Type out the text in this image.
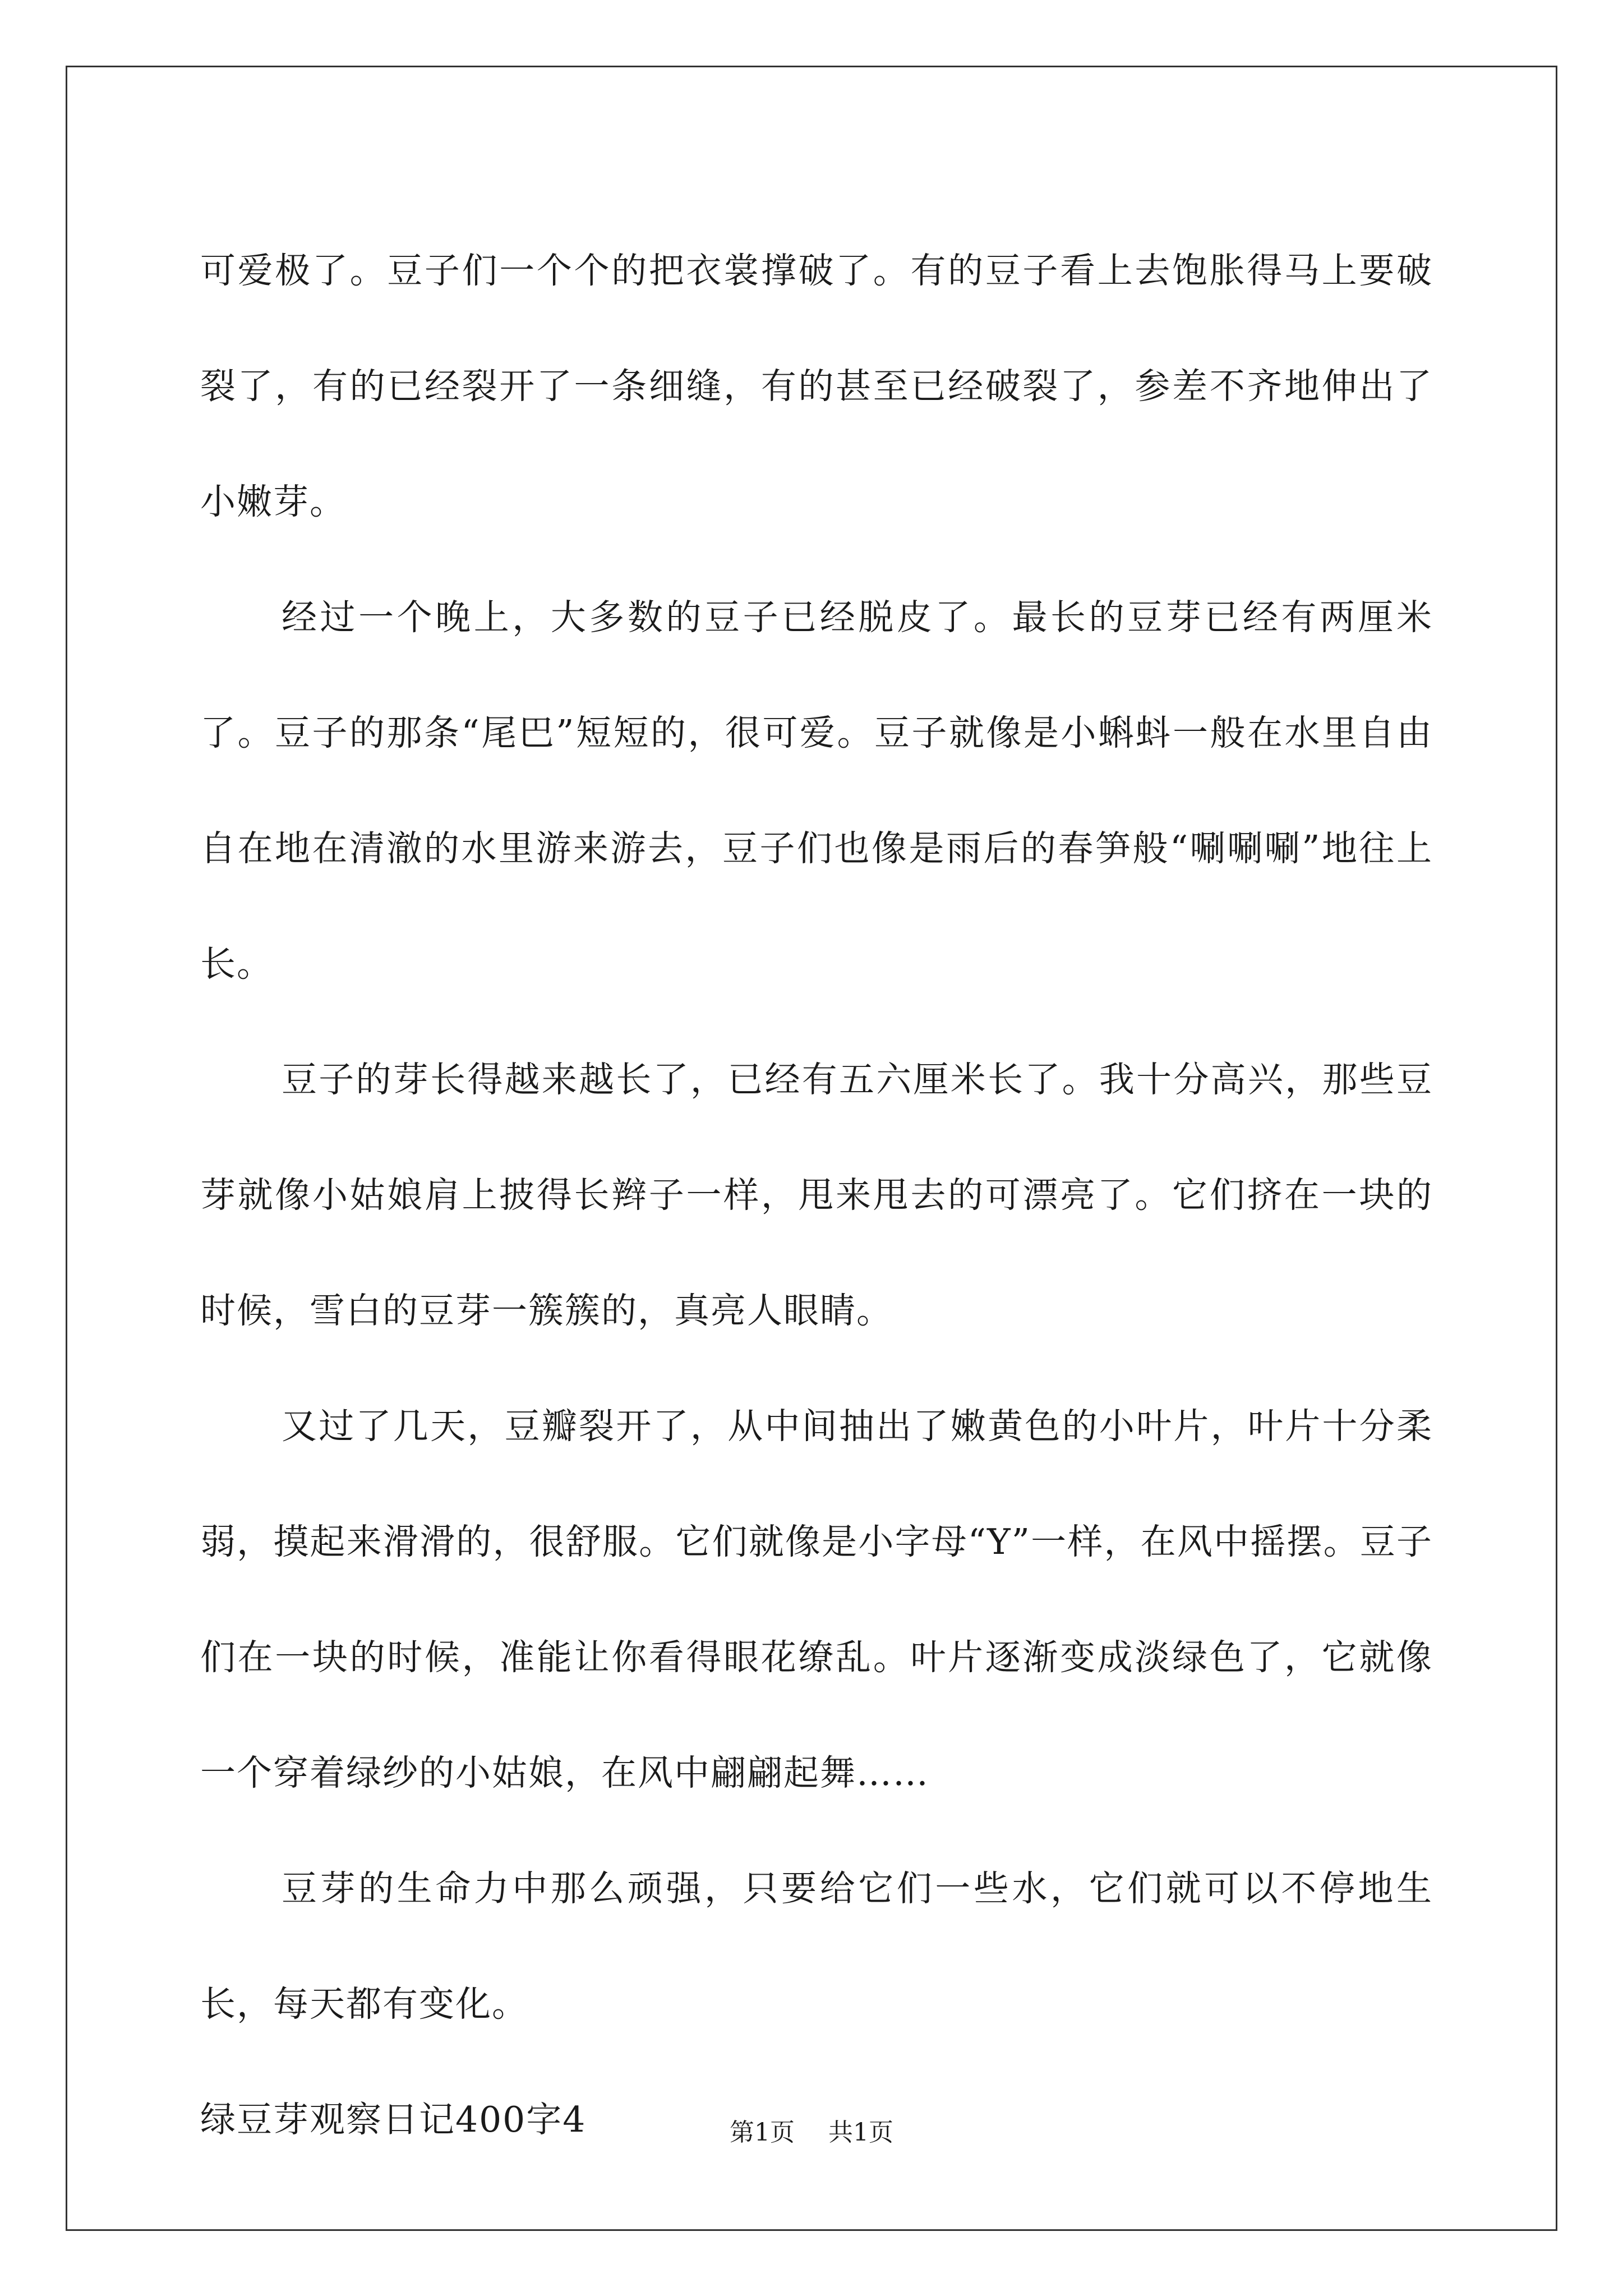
可爱极了。豆子们一个个的把衣裳撑破了。有的豆子看上去饱胀得马上要破裂了，有的已经裂开了一条细缝，有的甚至已经破裂了，参差不齐地伸出了小嫩芽。

经过一个晚上，大多数的豆子已经脱皮了。最长的豆芽已经有两厘米了。豆子的那条“尾巴”短短的，很可爱。豆子就像是小蝌蚪一般在水里自由自在地在清澈的水里游来游去，豆子们也像是雨后的春笋般“唰唰唰”地往上长。

豆子的芽长得越来越长了，已经有五六厘米长了。我十分高兴，那些豆芽就像小姑娘肩上披得长辫子一样，甩来甩去的可漂亮了。它们挤在一块的时候，雪白的豆芽一簇簇的，真亮人眼睛。

又过了几天，豆瓣裂开了，从中间抽出了嫩黄色的小叶片，叶片十分柔弱，摸起来滑滑的，很舒服。它们就像是小字母“Y”一样，在风中摇摆。豆子们在一块的时候，准能让你看得眼花缭乱。叶片逐渐变成淡绿色了，它就像一个穿着绿纱的小姑娘，在风中翩翩起舞……

豆芽的生命力中那么顽强，只要给它们一些水，它们就可以不停地生长，每天都有变化。

绿豆芽观察日记400字4	第1页 共1页
